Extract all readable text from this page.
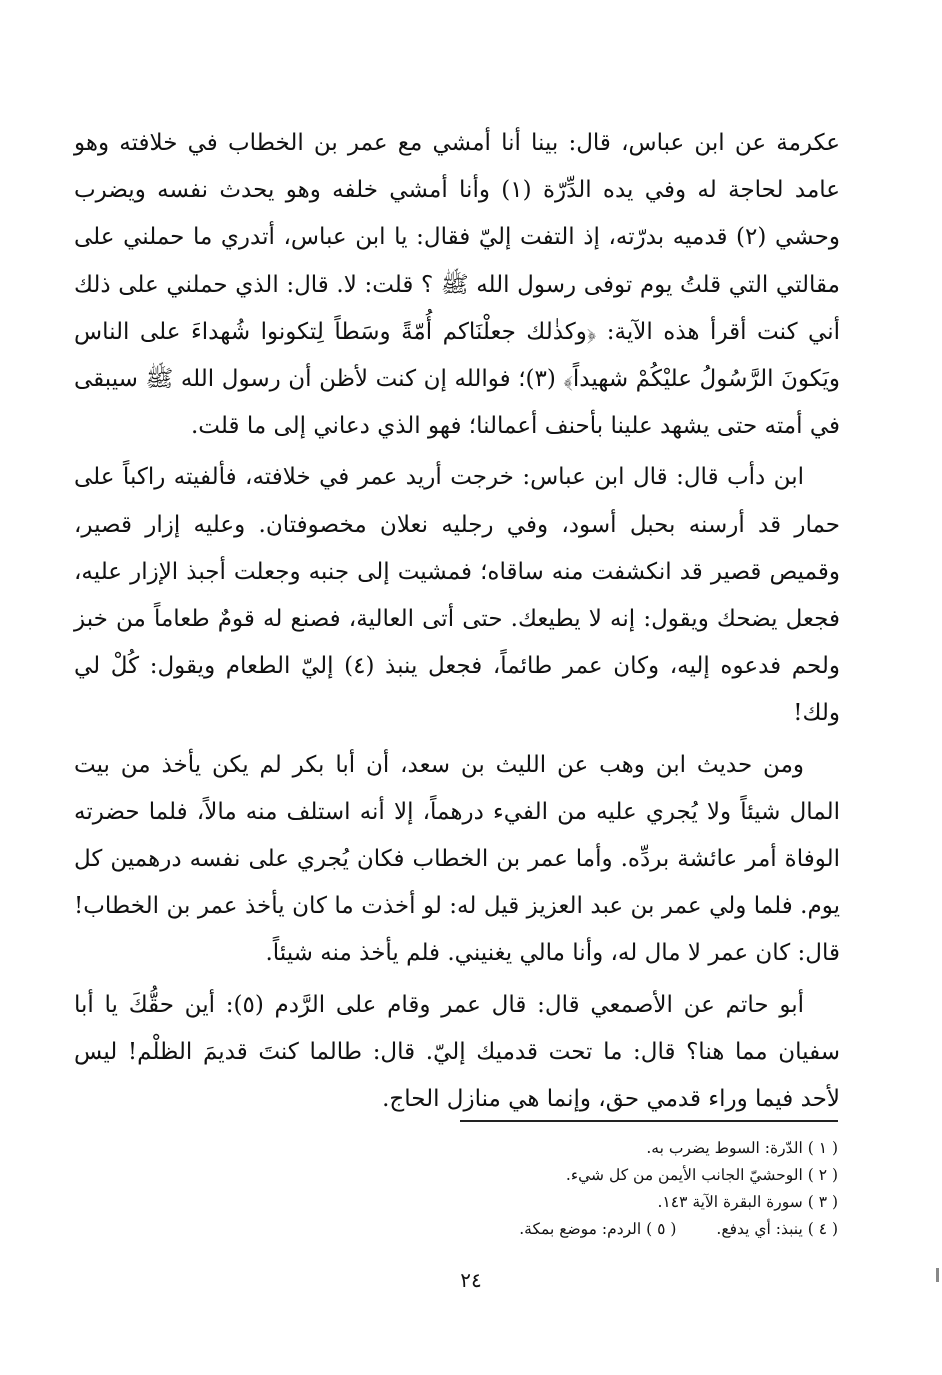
عكرمة عن ابن عباس، قال: بينا أنا أمشي مع عمر بن الخطاب في خلافته وهو عامد لحاجة له وفي يده الدِّرّة (١) وأنا أمشي خلفه وهو يحدث نفسه ويضرب وحشي (٢) قدميه بدرّته، إذ التفت إليّ فقال: يا ابن عباس، أتدري ما حملني على مقالتي التي قلتُ يوم توفى رسول الله ﷺ ؟ قلت: لا. قال: الذي حملني على ذلك أني كنت أقرأ هذه الآية: ﴿وكذٰلك جعلْنَاكم أُمّةً وسَطاً لِتكونوا شُهداءَ على الناس ويَكونَ الرَّسُولُ عليْكُمْ شهيداً﴾ (٣)؛ فوالله إن كنت لأظن أن رسول الله ﷺ سيبقى في أمته حتى يشهد علينا بأحنف أعمالنا؛ فهو الذي دعاني إلى ما قلت.

ابن دأب قال: قال ابن عباس: خرجت أريد عمر في خلافته، فألفيته راكباً على حمار قد أرسنه بحبل أسود، وفي رجليه نعلان مخصوفتان. وعليه إزار قصير، وقميص قصير قد انكشفت منه ساقاه؛ فمشيت إلى جنبه وجعلت أجبذ الإزار عليه، فجعل يضحك ويقول: إنه لا يطيعك. حتى أتى العالية، فصنع له قومٌ طعاماً من خبز ولحم فدعوه إليه، وكان عمر طائماً، فجعل ينبذ (٤) إليّ الطعام ويقول: كُلْ لي ولك!

ومن حديث ابن وهب عن الليث بن سعد، أن أبا بكر لم يكن يأخذ من بيت المال شيئاً ولا يُجري عليه من الفيء درهماً، إلا أنه استلف منه مالاً، فلما حضرته الوفاة أمر عائشة بردِّه. وأما عمر بن الخطاب فكان يُجري على نفسه درهمين كل يوم. فلما ولي عمر بن عبد العزيز قيل له: لو أخذت ما كان يأخذ عمر بن الخطاب! قال: كان عمر لا مال له، وأنا مالي يغنيني. فلم يأخذ منه شيئاً.

أبو حاتم عن الأصمعي قال: قال عمر وقام على الرَّدم (٥): أين حقُّكَ يا أبا سفيان مما هنا؟ قال: ما تحت قدميك إليّ. قال: طالما كنتَ قديمَ الظلْم! ليس لأحد فيما وراء قدمي حق، وإنما هي منازل الحاج.

( ١ ) الدّرة: السوط يضرب به.
( ٢ ) الوحشيّ الجانب الأيمن من كل شيء.
( ٣ ) سورة البقرة الآية ١٤٣.
( ٤ ) ينبذ: أي يدفع.( ٥ ) الردم: موضع بمكة.
٢٤
